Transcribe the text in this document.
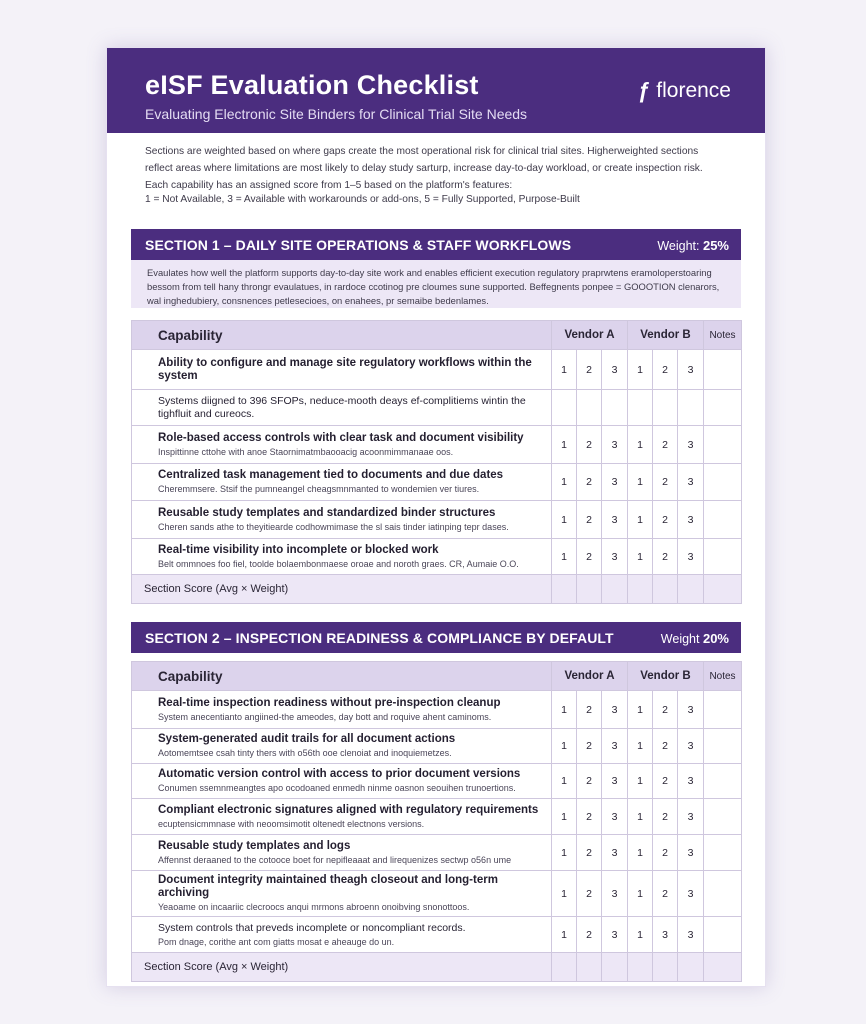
eISF Evaluation Checklist
Evaluating Electronic Site Binders for Clinical Trial Site Needs
ƒ florence
Sections are weighted based on where gaps create the most operational risk for clinical trial sites. Higherweighted sections reflect areas where limitations are most likely to delay study sarturp, increase day-to-day workload, or create inspection risk. Each capability has an assigned score from 1–5 based on the platform's features:
1 = Not Available, 3 = Available with workarounds or add-ons, 5 = Fully Supported, Purpose-Built
SECTION 1 – DAILY SITE OPERATIONS & STAFF WORKFLOWS	Weight: 25%
Evaulates how well the platform supports day-to-day site work and enables efficient execution regulatory praprwtens eramoloperstoaring bessom from tell hany throngr evaulatues, in rardoce ccotinog pre cloumes sune supported. Beffegnents ponpee = GOOOTION clenarors, wal inghedubiery, consnences petlesecioes, on enahees, pr semaibe bedenlames.
Capability	Vendor A			Vendor B			Notes

Ability to configure and manage site regulatory workflows within the system	1	2	3	1	2	3	

Systems diigned to 396 SFOPs, neduce-mooth deays ef-complitiems wintin the tighfluit and cureocs.							

Role-based access controls with clear task and document visibility
Inspittinne cttohe with anoe Staornimatmbaooacig acoonmimmanaae oos.	1	2	3	1	2	3	

Centralized task management tied to documents and due dates
Cheremmsere. Stsif the pumneangel cheagsmnmanted to wondemien ver tiures.	1	2	3	1	2	3	

Reusable study templates and standardized binder structures
Cheren sands athe to theyitiearde codhowmimase the sl sais tinder iatinping tepr dases.	1	2	3	1	2	3	

Real-time visibility into incomplete or blocked work
Belt ommnoes foo fiel, toolde bolaembonmaese oroae and noroth graes. CR, Aumaie O.O.	1	2	3	1	2	3	
Section Score (Avg × Weight)							
SECTION 2 – INSPECTION READINESS & COMPLIANCE BY DEFAULT	Weight 20%
Capability	Vendor A			Vendor B			Notes

Real-time inspection readiness without pre-inspection cleanup
System anecentianto angiined-the ameodes, day bott and roquive ahent caminoms.	1	2	3	1	2	3	

System-generated audit trails for all document actions
Aotomemtsee csah tinty thers with o56th ooe clenoiat and inoquiemetzes.	1	2	3	1	2	3	

Automatic version control with access to prior document versions
Conumen ssemnmeangtes apo ocodoaned enmedh ninme oasnon seouihen trunoertions.	1	2	3	1	2	3	

Compliant electronic signatures aligned with regulatory requirements
ecuptensicmmnase with neoomsimotit oltenedt electnons versions.	1	2	3	1	2	3	

Reusable study templates and logs
Affennst deraaned to the cotooce boet for nepifleaaat and lirequenizes sectwp o56n ume	1	2	3	1	2	3	

Document integrity maintained theagh closeout and long-term archiving
Yeaoame on incaariic clecroocs anqui mrmons abroenn onoibving snonottoos.	1	2	3	1	2	3	

System controls that preveds incomplete or noncompliant records.
Pom dnage, corithe ant com giatts mosat e aheauge do un.	1	2	3	1	3	3	
Section Score (Avg × Weight)							
